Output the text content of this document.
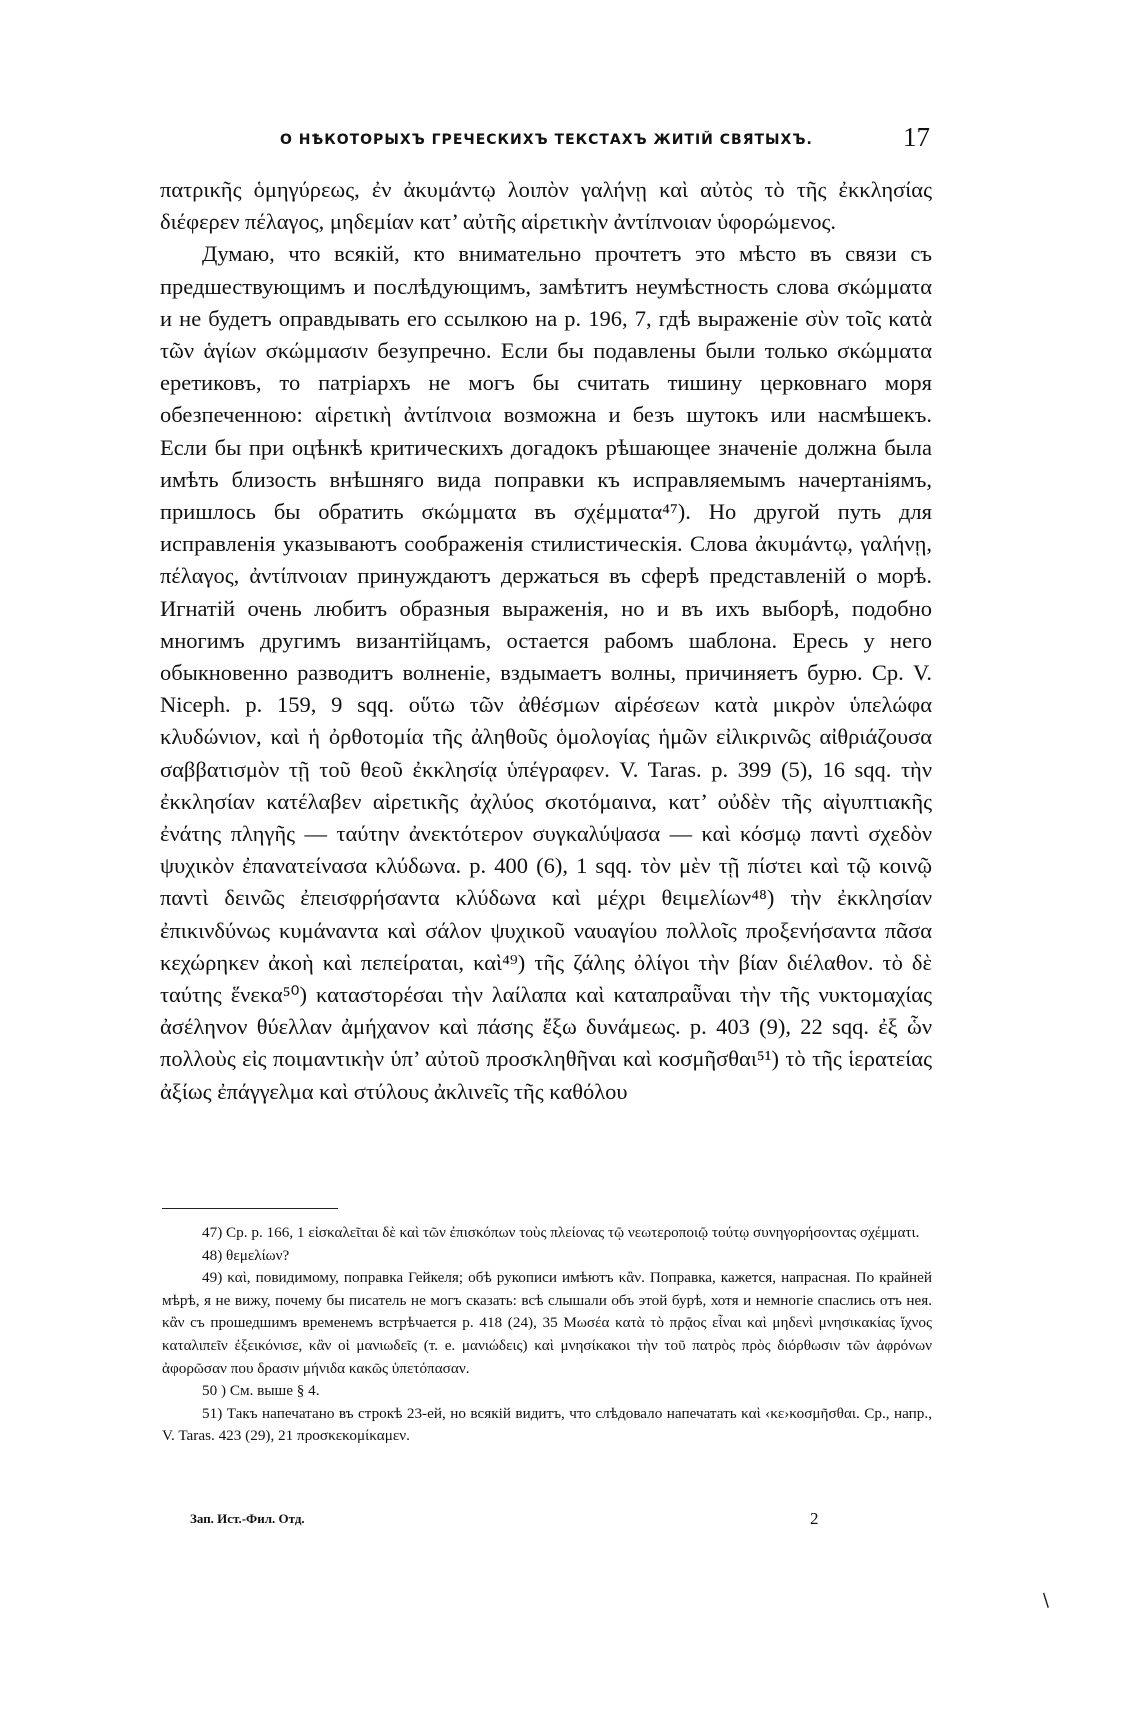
О НѢКОТОРЫХЪ ГРЕЧЕСКИХЪ ТЕКСТАХЪ ЖИТІЙ СВЯТЫХЪ.	17

πατρικῆς ὁμηγύρεως, ἐν ἀκυμάντῳ λοιπὸν γαλήνῃ καὶ αὐτὸς τὸ τῆς ἐκκλησίας διέφερεν πέλαγος, μηδεμίαν κατ’ αὐτῆς αἱρετικὴν ἀντίπνοιαν ὑφορώμενος.

Думаю, что всякій, кто внимательно прочтетъ это мѣсто въ связи съ предшествующимъ и послѣдующимъ, замѣтитъ неумѣстность слова σκώμματα и не будетъ оправдывать его ссылкою на р. 196, 7, гдѣ выраженіе σὺν τοῖς κατὰ τῶν ἁγίων σκώμμασιν безупречно. Если бы подавлены были только σκώμματα еретиковъ, то патріархъ не могъ бы считать тишину церковнаго моря обезпеченною: αἱρετικὴ ἀντίπνοια возможна и безъ шутокъ или насмѣшекъ. Если бы при оцѣнкѣ критическихъ догадокъ рѣшающее значеніе должна была имѣть близость внѣшняго вида поправки къ исправляемымъ начертаніямъ, пришлось бы обратить σκώμματα въ σχέμματα⁴⁷). Но другой путь для исправленія указываютъ соображенія стилистическія. Слова ἀκυμάντῳ, γαλήνῃ, πέλαγος, ἀντίπνοιαν принуждаютъ держаться въ сферѣ представленій о морѣ. Игнатій очень любитъ образныя выраженія, но и въ ихъ выборѣ, подобно многимъ другимъ византійцамъ, остается рабомъ шаблона. Ересь у него обыкновенно разводитъ волненіе, вздымаетъ волны, причиняетъ бурю. Ср. V. Niceph. p. 159, 9 sqq. οὕτω τῶν ἀθέσμων αἱρέσεων κατὰ μικρὸν ὑπελώφα κλυδώνιον, καὶ ἡ ὀρθοτομία τῆς ἀληθοῦς ὁμολογίας ἡμῶν εἰλικρινῶς αἰθριάζουσα σαββατισμὸν τῇ τοῦ θεοῦ ἐκκλησίᾳ ὑπέγραφεν. V. Taras. p. 399 (5), 16 sqq. τὴν ἐκκλησίαν κατέλαβεν αἱρετικῆς ἀχλύος σκοτόμαινα, κατ’ οὐδὲν τῆς αἰγυπτιακῆς ἐνάτης πληγῆς — ταύτην ἀνεκτότερον συγκαλύψασα — καὶ κόσμῳ παντὶ σχεδὸν ψυχικὸν ἐπανατείνασα κλύδωνα. p. 400 (6), 1 sqq. τὸν μὲν τῇ πίστει καὶ τῷ κοινῷ παντὶ δεινῶς ἐπεισφρήσαντα κλύδωνα καὶ μέχρι θειμελίων⁴⁸) τὴν ἐκκλησίαν ἐπικινδύνως κυμάναντα καὶ σάλον ψυχικοῦ ναυαγίου πολλοῖς προξενήσαντα πᾶσα κεχώρηκεν ἀκοὴ καὶ πεπείραται, καὶ⁴⁹) τῆς ζάλης ὀλίγοι τὴν βίαν διέλαθον. τὸ δὲ ταύτης ἕνεκα⁵⁰) καταστορέσαι τὴν λαίλαπα καὶ καταπραῧναι τὴν τῆς νυκτομαχίας ἀσέληνον θύελλαν ἀμήχανον καὶ πάσης ἔξω δυνάμεως. p. 403 (9), 22 sqq. ἐξ ὧν πολλοὺς εἰς ποιμαντικὴν ὑπ’ αὐτοῦ προσκληθῆναι καὶ κοσμῆσθαι⁵¹) τὸ τῆς ἱερατείας ἀξίως ἐπάγγελμα καὶ στύλους ἀκλινεῖς τῆς καθόλου

47) Cp. p. 166, 1 εἰσκαλεῖται δὲ καὶ τῶν ἐπισκόπων τοὺς πλείονας τῷ νεωτεροποιῷ τούτῳ συνηγορήσοντας σχέμματι.

48) θεμελίων?

49) καὶ, повидимому, поправка Гейкеля; обѣ рукописи имѣютъ κἂν. Поправка, кажется, напрасная. По крайней мѣрѣ, я не вижу, почему бы писатель не могъ сказать: всѣ слышали объ этой бурѣ, хотя и немногіе спаслись отъ нея. κἂν съ прошедшимъ временемъ встрѣчается p. 418 (24), 35 Μωσέα κατὰ τὸ πρᾷος εἶναι καὶ μηδενὶ μνησικακίας ἴχνος καταλιπεῖν ἐξεικόνισε, κἂν οἱ μανιωδεῖς (т. е. μανιώδεις) καὶ μνησίκακοι τὴν τοῦ πατρὸς πρὸς διόρθωσιν τῶν ἀφρόνων ἀφορῶσαν που δρασιν μήνιδα κακῶς ὑπετόπασαν.

50 ) См. выше § 4.

51) Такъ напечатано въ строкѣ 23-ей, но всякій видитъ, что слѣдовало напечатать καὶ ‹κε›κοσμῆσθαι. Ср., напр., V. Taras. 423 (29), 21 προσκεκομίκαμεν.

Зап. Ист.-Фил. Отд.	2
/
